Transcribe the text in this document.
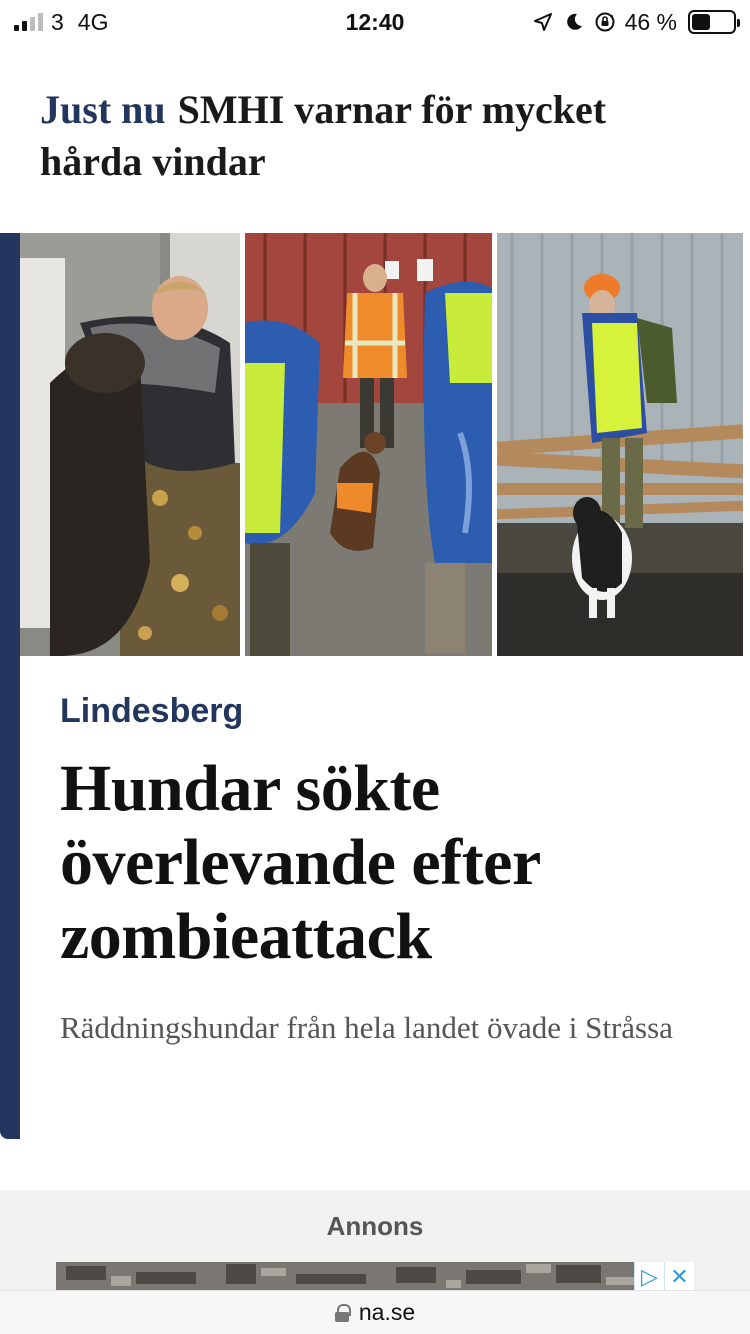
3 4G	12:40	46 %
Just nu SMHI varnar för mycket hårda vindar
Lindesberg
Hundar sökte överlevande efter zombieattack

Räddningshundar från hela landet övade i Stråssa

Annons
▷ ✕
na.se
